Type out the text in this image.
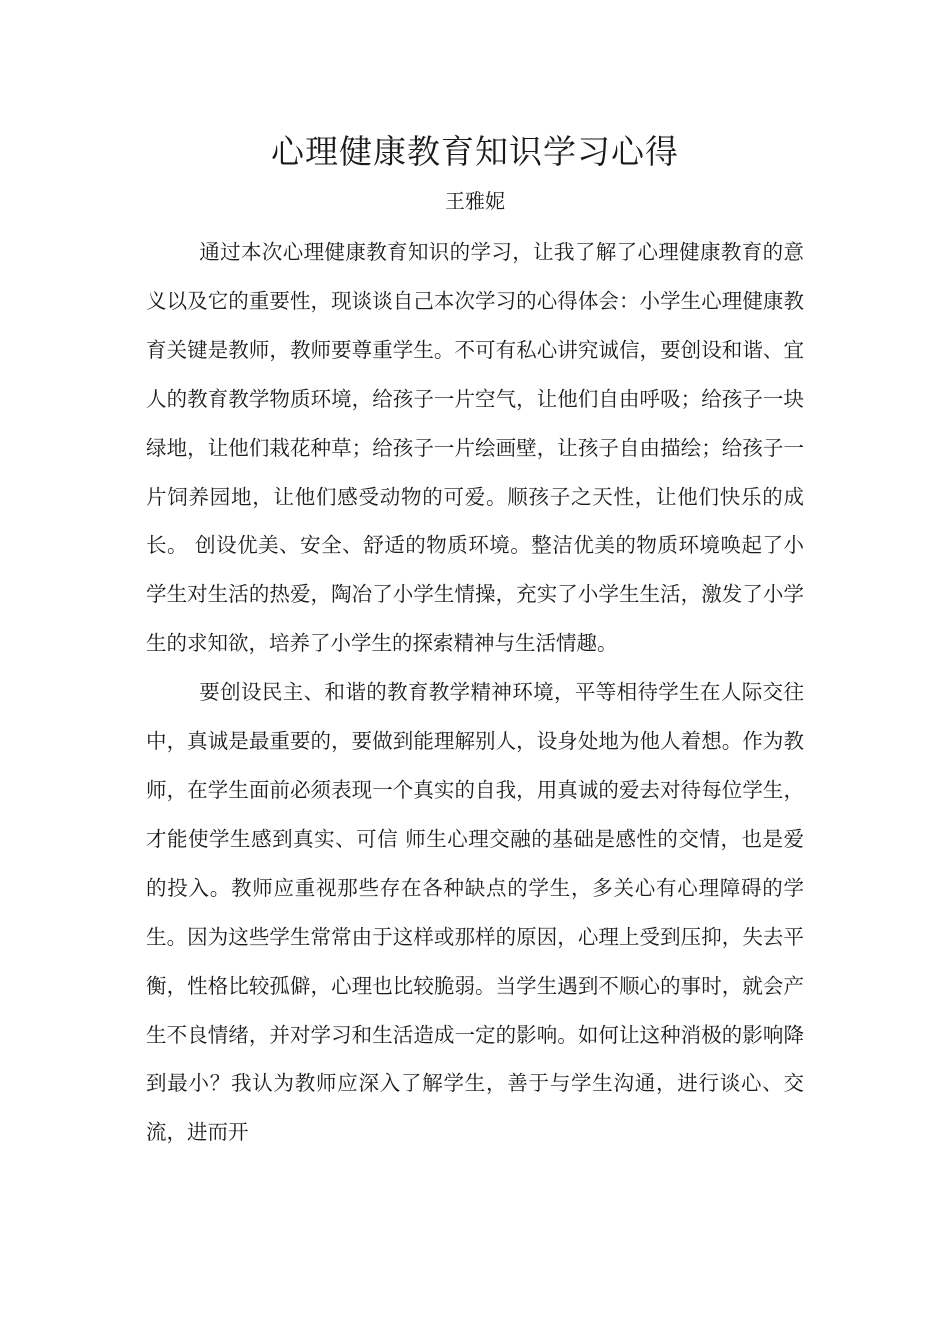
心理健康教育知识学习心得
王雅妮

通过本次心理健康教育知识的学习，让我了解了心理健康教育的意义以及它的重要性，现谈谈自己本次学习的心得体会：小学生心理健康教育关键是教师，教师要尊重学生。不可有私心讲究诚信，要创设和谐、宜人的教育教学物质环境，给孩子一片空气，让他们自由呼吸；给孩子一块绿地，让他们栽花种草；给孩子一片绘画壁，让孩子自由描绘；给孩子一片饲养园地，让他们感受动物的可爱。顺孩子之天性，让他们快乐的成长。 创设优美、安全、舒适的物质环境。整洁优美的物质环境唤起了小学生对生活的热爱，陶冶了小学生情操，充实了小学生生活，激发了小学生的求知欲，培养了小学生的探索精神与生活情趣。

要创设民主、和谐的教育教学精神环境，平等相待学生在人际交往中，真诚是最重要的，要做到能理解别人，设身处地为他人着想。作为教师，在学生面前必须表现一个真实的自我，用真诚的爱去对待每位学生，才能使学生感到真实、可信 师生心理交融的基础是感性的交情，也是爱的投入。教师应重视那些存在各种缺点的学生，多关心有心理障碍的学生。因为这些学生常常由于这样或那样的原因，心理上受到压抑，失去平衡，性格比较孤僻，心理也比较脆弱。当学生遇到不顺心的事时，就会产生不良情绪，并对学习和生活造成一定的影响。如何让这种消极的影响降到最小？我认为教师应深入了解学生，善于与学生沟通，进行谈心、交流，进而开
